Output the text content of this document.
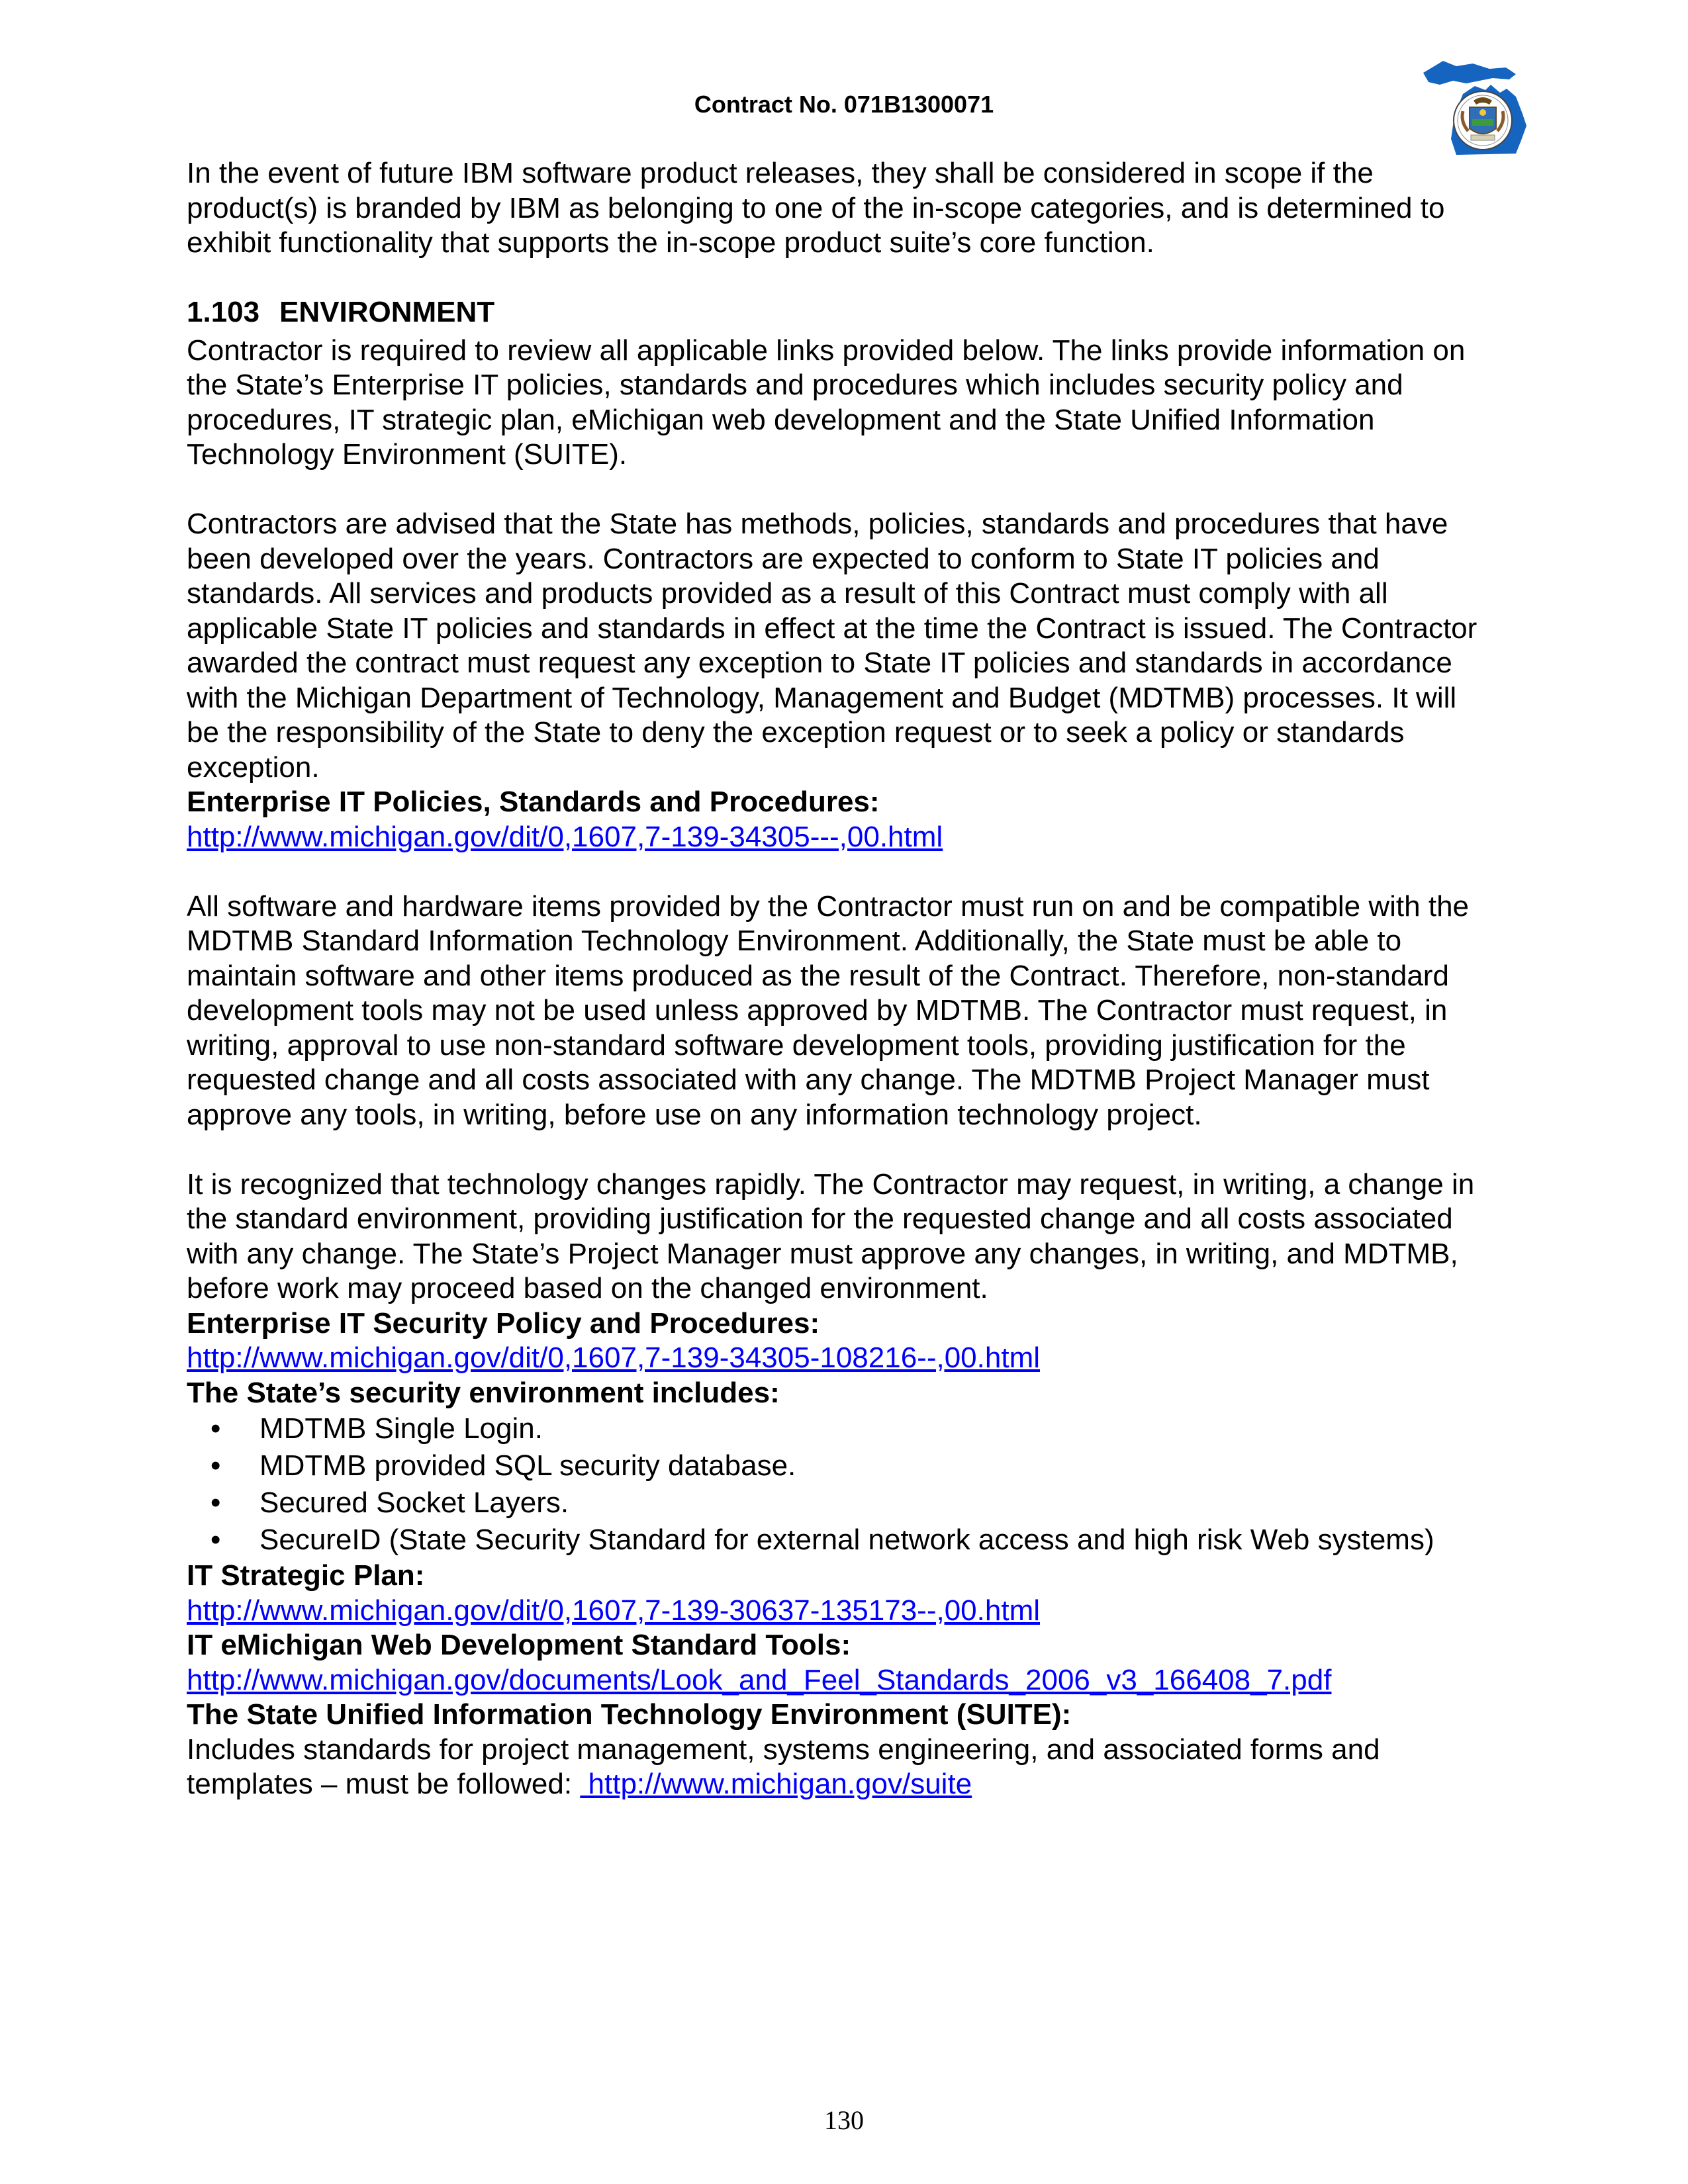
Contract No. 071B1300071

In the event of future IBM software product releases, they shall be considered in scope if the
product(s) is branded by IBM as belonging to one of the in-scope categories, and is determined to
exhibit functionality that supports the in-scope product suite’s core function.

1.103 ENVIRONMENT

Contractor is required to review all applicable links provided below. The links provide information on
the State’s Enterprise IT policies, standards and procedures which includes security policy and
procedures, IT strategic plan, eMichigan web development and the State Unified Information
Technology Environment (SUITE).

Contractors are advised that the State has methods, policies, standards and procedures that have
been developed over the years. Contractors are expected to conform to State IT policies and
standards. All services and products provided as a result of this Contract must comply with all
applicable State IT policies and standards in effect at the time the Contract is issued. The Contractor
awarded the contract must request any exception to State IT policies and standards in accordance
with the Michigan Department of Technology, Management and Budget (MDTMB) processes. It will
be the responsibility of the State to deny the exception request or to seek a policy or standards
exception.

Enterprise IT Policies, Standards and Procedures:

http://www.michigan.gov/dit/0,1607,7-139-34305---,00.html

All software and hardware items provided by the Contractor must run on and be compatible with the
MDTMB Standard Information Technology Environment. Additionally, the State must be able to
maintain software and other items produced as the result of the Contract. Therefore, non-standard
development tools may not be used unless approved by MDTMB. The Contractor must request, in
writing, approval to use non-standard software development tools, providing justification for the
requested change and all costs associated with any change. The MDTMB Project Manager must
approve any tools, in writing, before use on any information technology project.

It is recognized that technology changes rapidly. The Contractor may request, in writing, a change in
the standard environment, providing justification for the requested change and all costs associated
with any change. The State’s Project Manager must approve any changes, in writing, and MDTMB,
before work may proceed based on the changed environment.

Enterprise IT Security Policy and Procedures:

http://www.michigan.gov/dit/0,1607,7-139-34305-108216--,00.html

The State’s security environment includes:

• MDTMB Single Login.
• MDTMB provided SQL security database.
• Secured Socket Layers.
• SecureID (State Security Standard for external network access and high risk Web systems)

IT Strategic Plan:

http://www.michigan.gov/dit/0,1607,7-139-30637-135173--,00.html

IT eMichigan Web Development Standard Tools:

http://www.michigan.gov/documents/Look_and_Feel_Standards_2006_v3_166408_7.pdf

The State Unified Information Technology Environment (SUITE):

Includes standards for project management, systems engineering, and associated forms and

templates – must be followed:  http://www.michigan.gov/suite

130
